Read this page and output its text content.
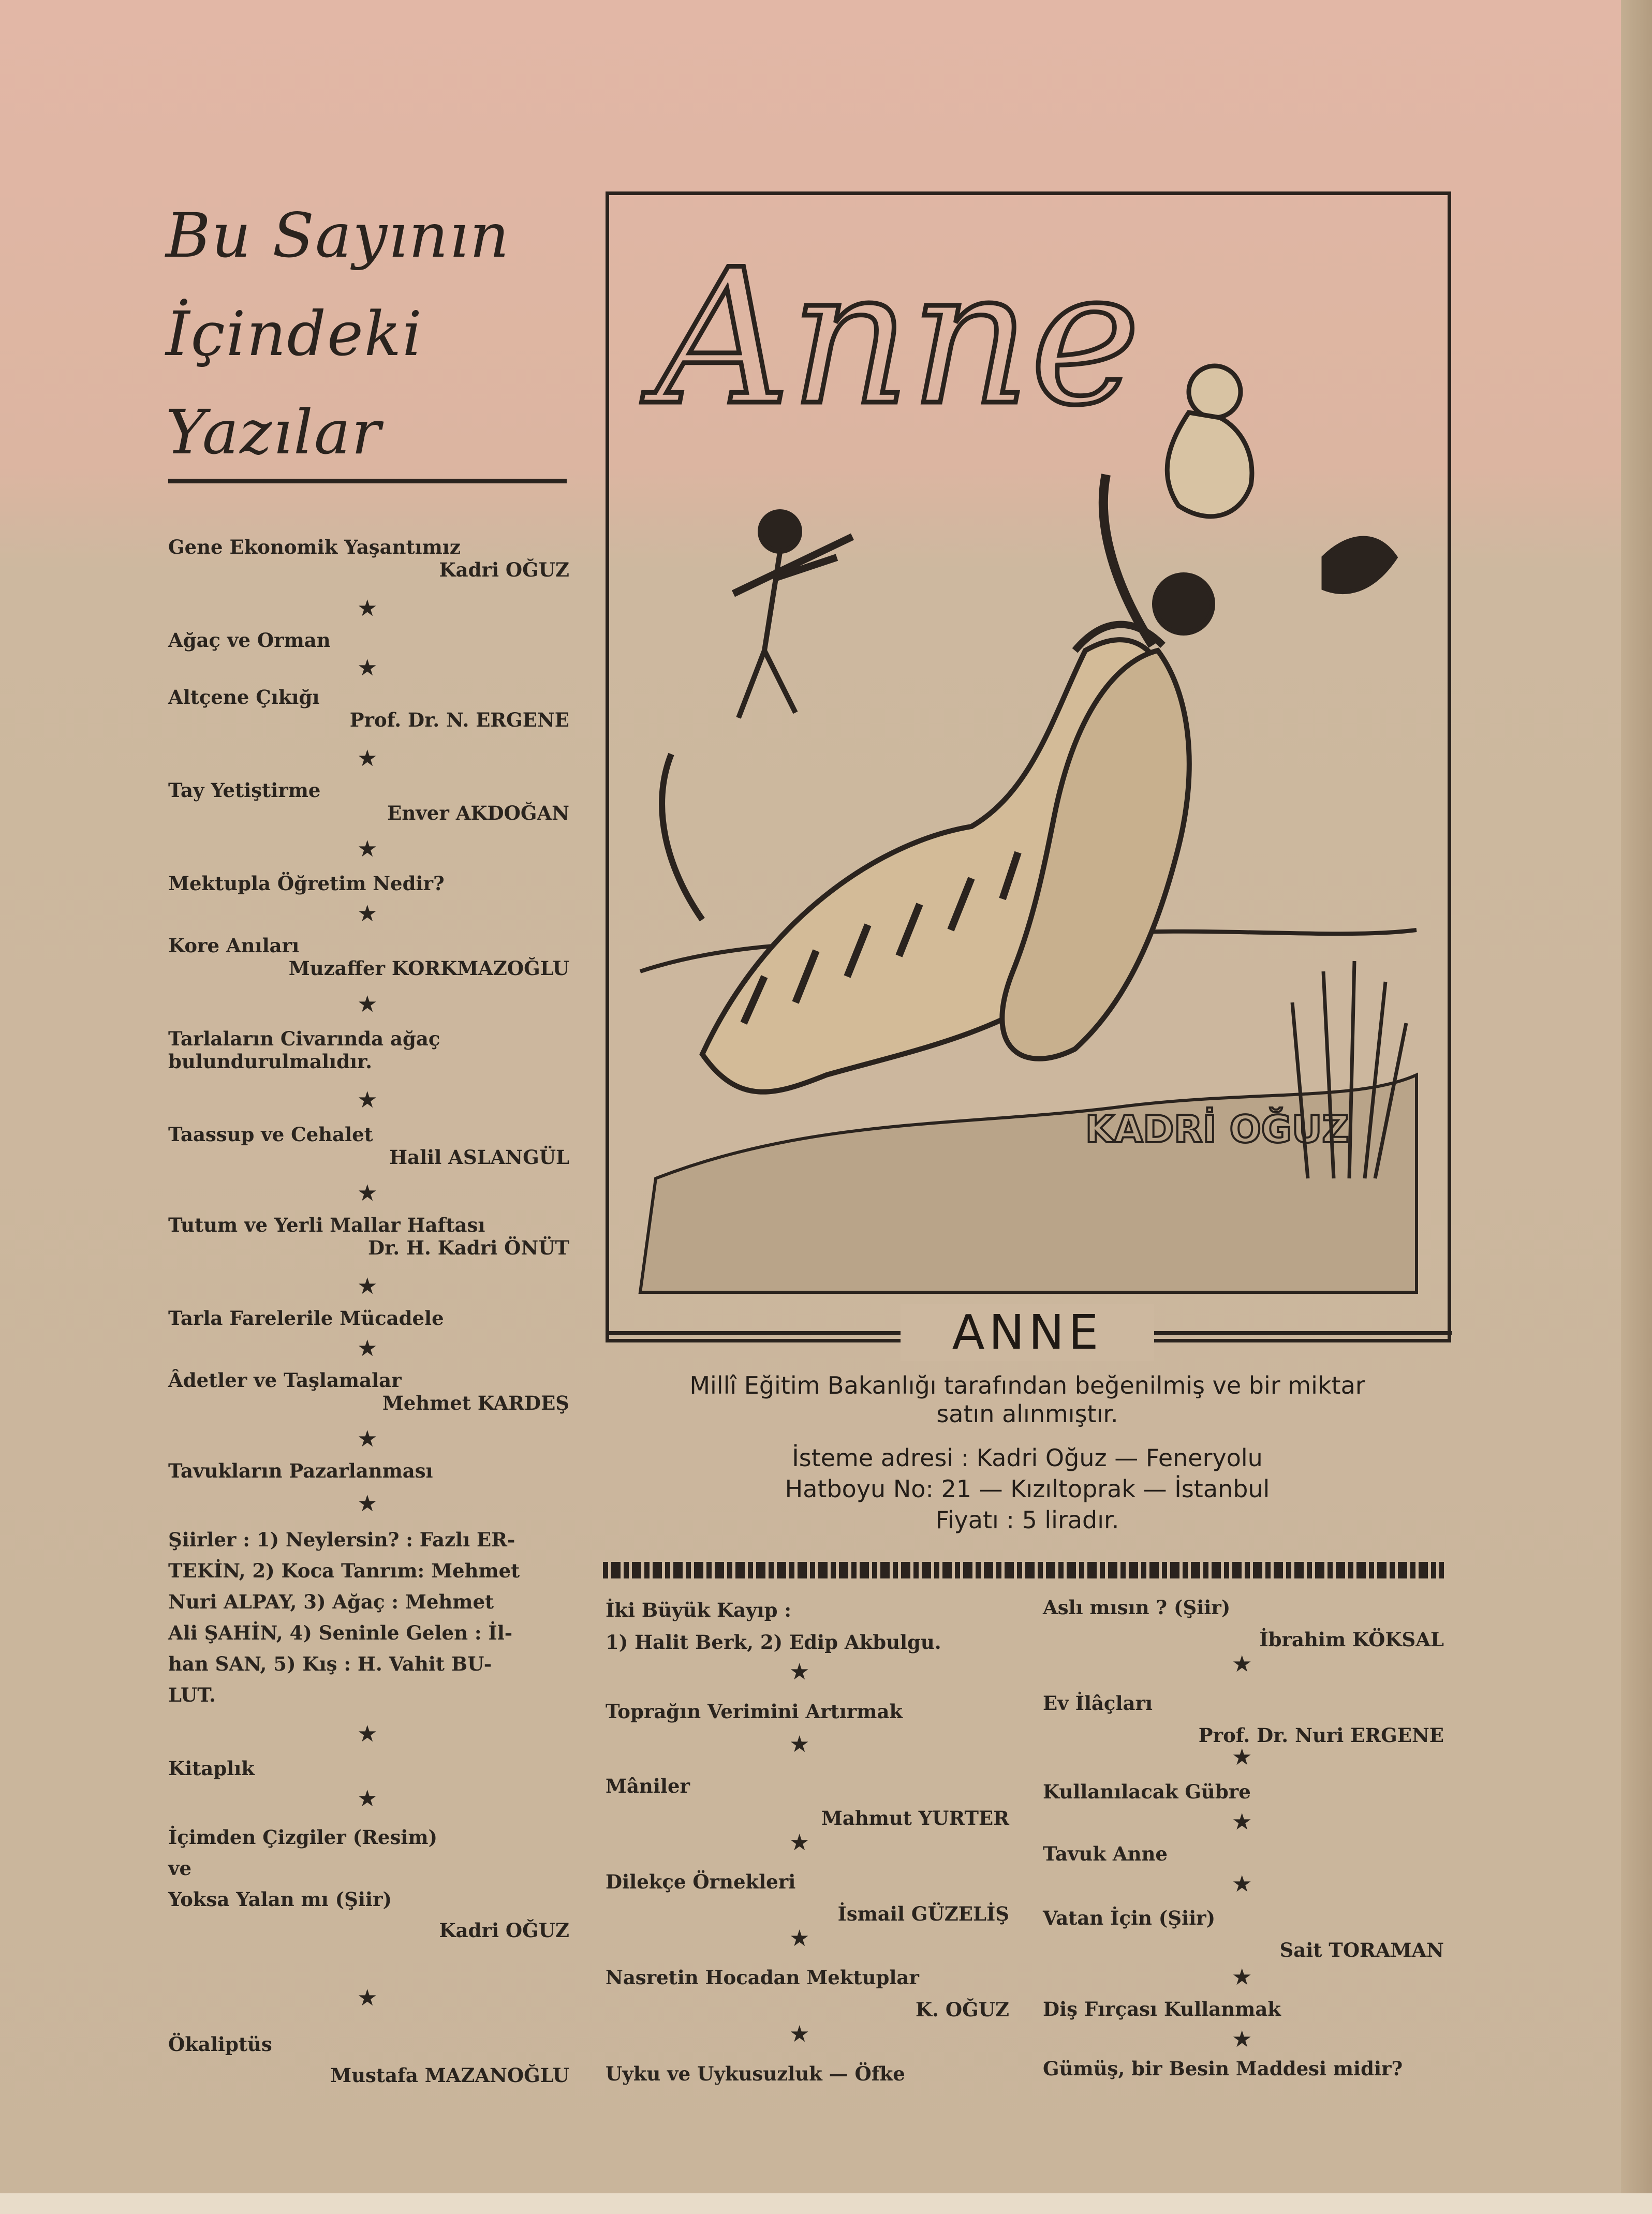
Bu Sayının
İçindeki
Yazılar
Gene Ekonomik Yaşantımız
Kadri OĞUZ
★
Ağaç ve Orman
★
Altçene Çıkığı
Prof. Dr. N. ERGENE
★
Tay Yetiştirme
Enver AKDOĞAN
★
Mektupla Öğretim Nedir?
★
Kore Anıları
Muzaffer KORKMAZOĞLU
★
Tarlaların Civarında ağaç
bulundurulmalıdır.
★
Taassup ve Cehalet
Halil ASLANGÜL
★
Tutum ve Yerli Mallar Haftası
Dr. H. Kadri ÖNÜT
★
Tarla Farelerile Mücadele
★
Âdetler ve Taşlamalar
Mehmet KARDEŞ
★
Tavukların Pazarlanması
★
Şiirler : 1) Neylersin? : Fazlı ER-
TEKİN, 2) Koca Tanrım: Mehmet
Nuri ALPAY, 3) Ağaç : Mehmet
Ali ŞAHİN, 4) Seninle Gelen : İl-
han SAN, 5) Kış : H. Vahit BU-
LUT.
★
Kitaplık
★
İçimden Çizgiler (Resim)
ve
Yoksa Yalan mı (Şiir)
Kadri OĞUZ
★
Ökaliptüs
Mustafa MAZANOĞLU
Anne
KADRİ OĞUZ
ANNE
Millî Eğitim Bakanlığı tarafından beğenilmiş ve bir miktar
satın alınmıştır.
İsteme adresi : Kadri Oğuz — Feneryolu
Hatboyu No: 21 — Kızıltoprak — İstanbul
Fiyatı : 5 liradır.
İki Büyük Kayıp :
1) Halit Berk, 2) Edip Akbulgu.
★
Toprağın Verimini Artırmak
★
Mâniler
Mahmut YURTER
★
Dilekçe Örnekleri
İsmail GÜZELİŞ
★
Nasretin Hocadan Mektuplar
K. OĞUZ
★
Uyku ve Uykusuzluk — Öfke
Aslı mısın ? (Şiir)
İbrahim KÖKSAL
★
Ev İlâçları
Prof. Dr. Nuri ERGENE
★
Kullanılacak Gübre
★
Tavuk Anne
★
Vatan İçin (Şiir)
Sait TORAMAN
★
Diş Fırçası Kullanmak
★
Gümüş, bir Besin Maddesi midir?
